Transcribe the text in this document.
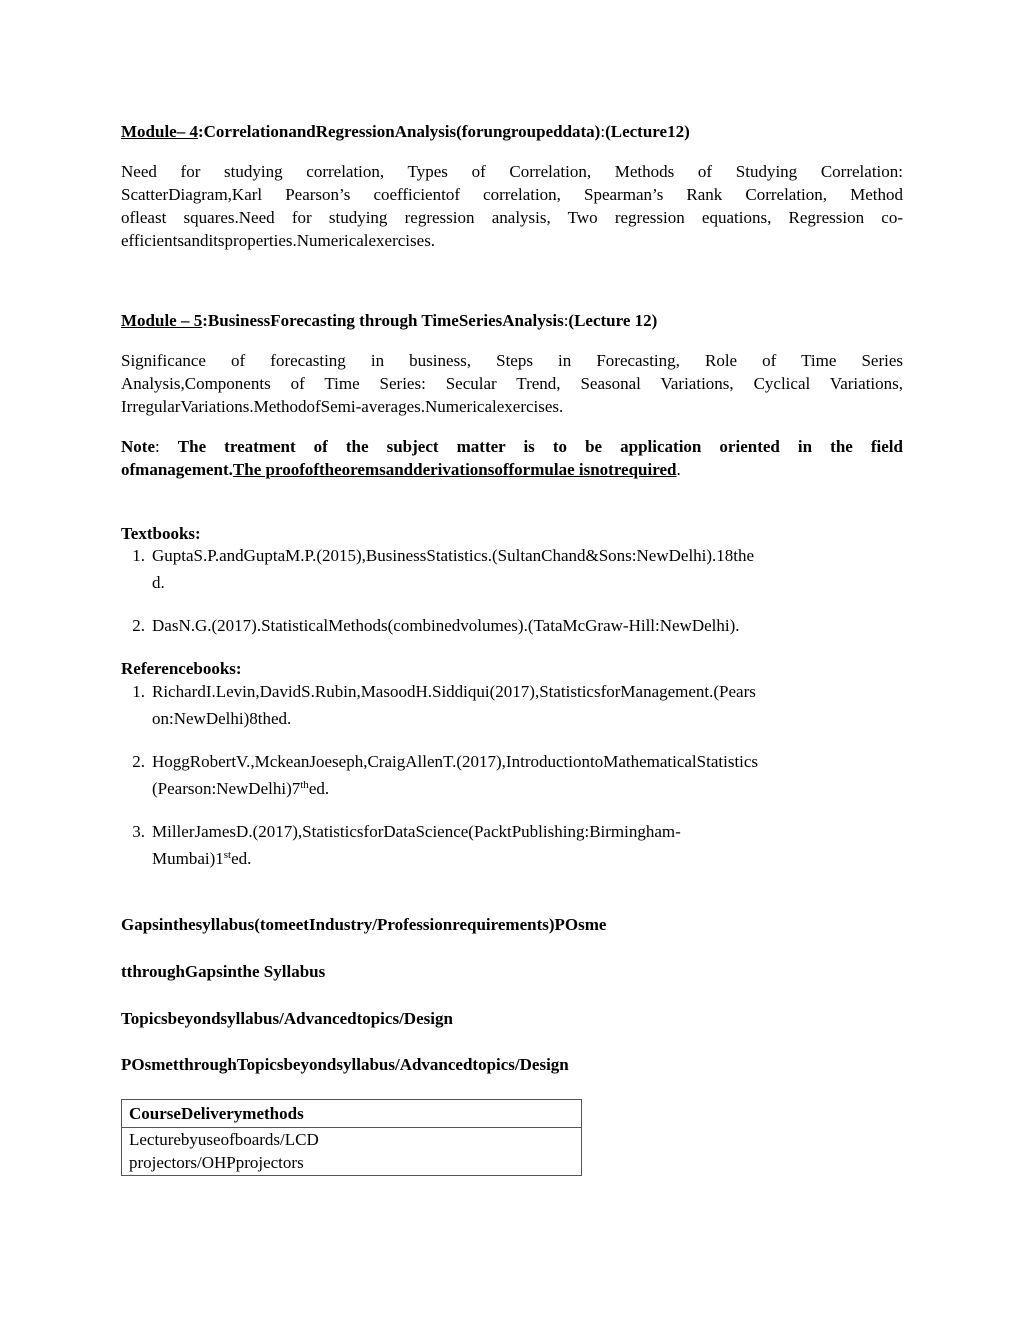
Module– 4:CorrelationandRegressionAnalysis(forungroupeddata):(Lecture12)
Need for studying correlation, Types of Correlation, Methods of Studying Correlation:
ScatterDiagram,Karl Pearson’s coefficientof correlation, Spearman’s Rank Correlation, Method
ofleast squares.Need for studying regression analysis, Two regression equations, Regression co-
efficientsanditsproperties.Numericalexercises.
Module – 5:BusinessForecasting through TimeSeriesAnalysis:(Lecture 12)
Significance of forecasting in business, Steps in Forecasting, Role of Time Series
Analysis,Components of Time Series: Secular Trend, Seasonal Variations, Cyclical Variations,
IrregularVariations.MethodofSemi-averages.Numericalexercises.
Note: The treatment of the subject matter is to be application oriented in the field
ofmanagement.The proofoftheoremsandderivationsofformulae isnotrequired.
Textbooks:
1. GuptaS.P.andGuptaM.P.(2015),BusinessStatistics.(SultanChand&Sons:NewDelhi).18the
d.
2. DasN.G.(2017).StatisticalMethods(combinedvolumes).(TataMcGraw-Hill:NewDelhi).
Referencebooks:
1. RichardI.Levin,DavidS.Rubin,MasoodH.Siddiqui(2017),StatisticsforManagement.(Pears
on:NewDelhi)8thed.
2. HoggRobertV.,MckeanJoeseph,CraigAllenT.(2017),IntroductiontoMathematicalStatistics
(Pearson:NewDelhi)7thed.
3. MillerJamesD.(2017),StatisticsforDataScience(PacktPublishing:Birmingham-
Mumbai)1sted.
Gapsinthesyllabus(tomeetIndustry/Professionrequirements)POsme
tthroughGapsinthe Syllabus
Topicsbeyondsyllabus/Advancedtopics/Design
POsmetthroughTopicsbeyondsyllabus/Advancedtopics/Design
CourseDeliverymethods
Lecturebyuseofboards/LCD
projectors/OHPprojectors
